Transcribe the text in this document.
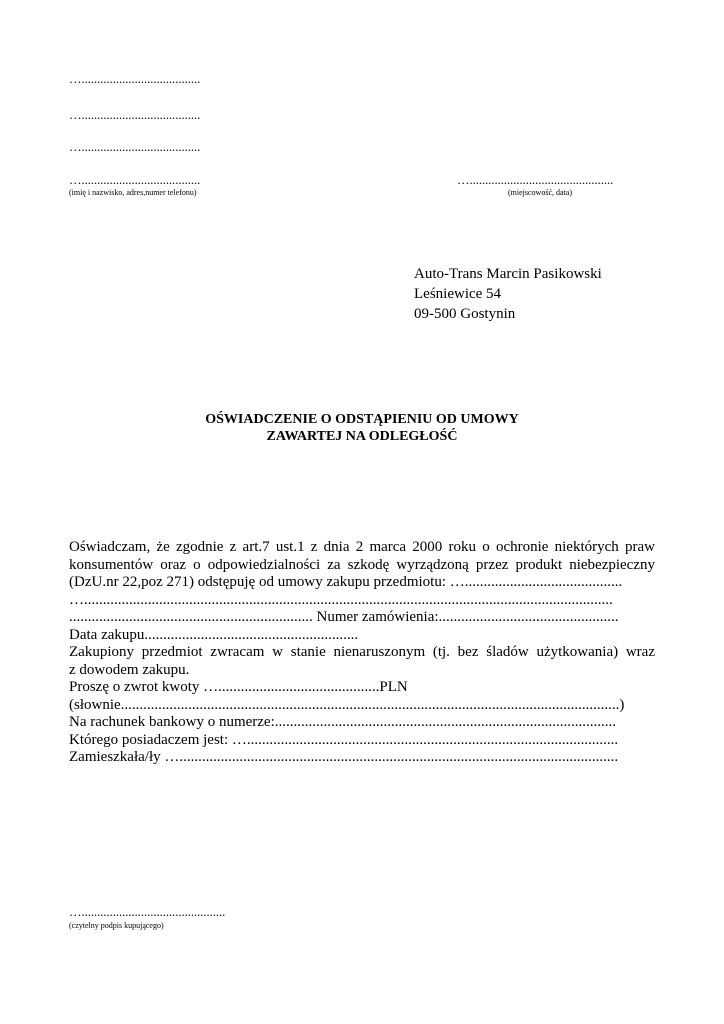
…......................................
…......................................
…......................................
…......................................
(imię i nazwisko, adres,numer telefonu)
…..............................................
(miejscowość, data)
Auto-Trans Marcin Pasikowski
Leśniewice 54
09-500 Gostynin
OŚWIADCZENIE O ODSTĄPIENIU OD UMOWY
ZAWARTEJ NA ODLEGŁOŚĆ
Oświadczam, że zgodnie z art.7 ust.1 z dnia 2 marca 2000 roku o ochronie niektórych praw
konsumentów oraz o odpowiedzialności za szkodę wyrządzoną przez produkt niebezpieczny
(DzU.nr 22,poz 271) odstępuję od umowy zakupu przedmiotu: …..........................................
….............................................................................................................................................
................................................................. Numer zamówienia:................................................
Data zakupu.........................................................
Zakupiony przedmiot zwracam w stanie nienaruszonym (tj. bez śladów użytkowania) wraz
z dowodem zakupu.
Proszę o zwrot kwoty …...........................................PLN
(słownie.....................................................................................................................................)
Na rachunek bankowy o numerze:...........................................................................................
Którego posiadaczem jest: …...................................................................................................
Zamieszkała/ły ….....................................................................................................................
…..............................................
(czytelny podpis kupującego)
